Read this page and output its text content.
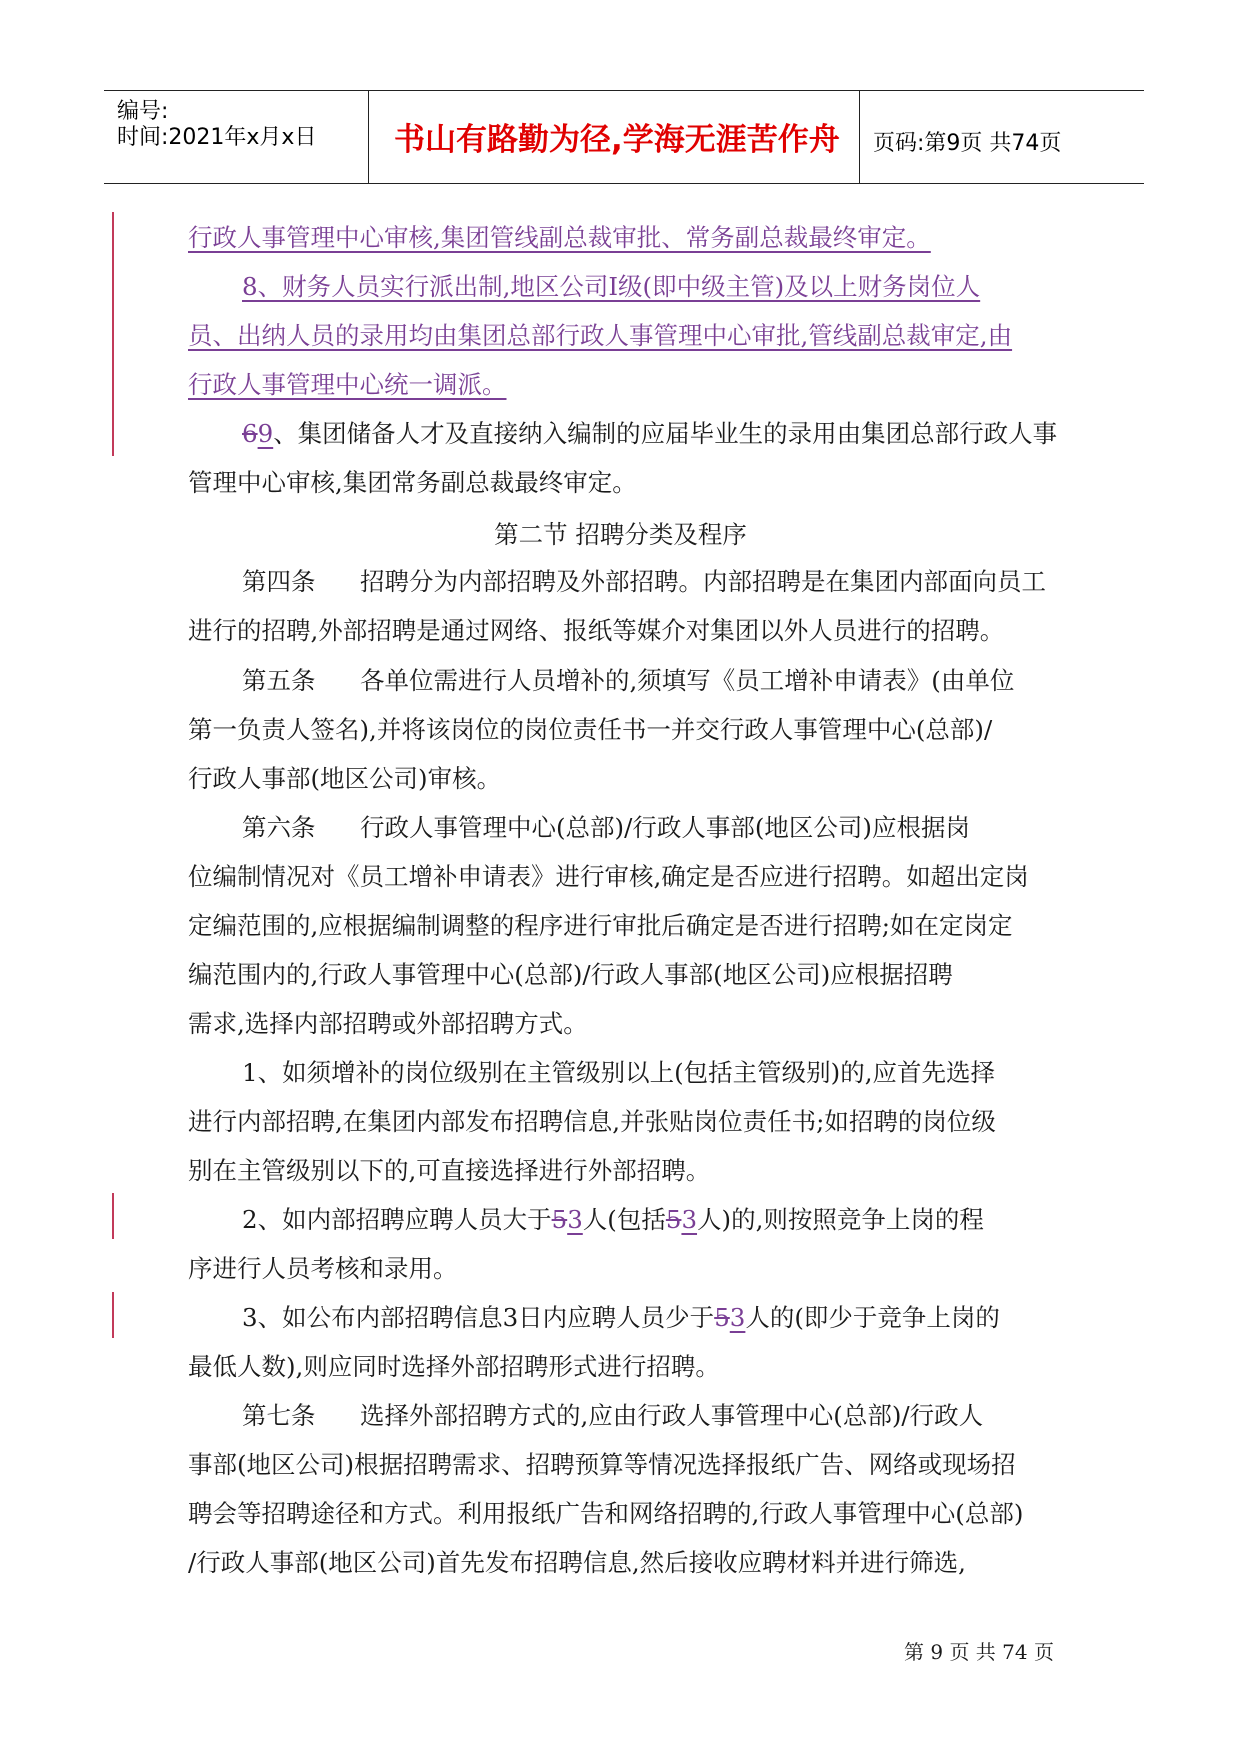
编号:
时间:2021年x月x日	书山有路勤为径,学海无涯苦作舟 页码:第9页 共74页
行政人事管理中心审核,集团管线副总裁审批、常务副总裁最终审定。
8、财务人员实行派出制,地区公司Ⅰ级(即中级主管)及以上财务岗位人
员、出纳人员的录用均由集团总部行政人事管理中心审批,管线副总裁审定,由
行政人事管理中心统一调派。
69、集团储备人才及直接纳入编制的应届毕业生的录用由集团总部行政人事
管理中心审核,集团常务副总裁最终审定。
第二节 招聘分类及程序
第四条 招聘分为内部招聘及外部招聘。内部招聘是在集团内部面向员工
进行的招聘,外部招聘是通过网络、报纸等媒介对集团以外人员进行的招聘。
第五条 各单位需进行人员增补的,须填写《员工增补申请表》(由单位
第一负责人签名),并将该岗位的岗位责任书一并交行政人事管理中心(总部)/
行政人事部(地区公司)审核。
第六条 行政人事管理中心(总部)/行政人事部(地区公司)应根据岗
位编制情况对《员工增补申请表》进行审核,确定是否应进行招聘。如超出定岗
定编范围的,应根据编制调整的程序进行审批后确定是否进行招聘;如在定岗定
编范围内的,行政人事管理中心(总部)/行政人事部(地区公司)应根据招聘
需求,选择内部招聘或外部招聘方式。
1、如须增补的岗位级别在主管级别以上(包括主管级别)的,应首先选择
进行内部招聘,在集团内部发布招聘信息,并张贴岗位责任书;如招聘的岗位级
别在主管级别以下的,可直接选择进行外部招聘。
2、如内部招聘应聘人员大于53人(包括53人)的,则按照竞争上岗的程
序进行人员考核和录用。
3、如公布内部招聘信息3日内应聘人员少于53人的(即少于竞争上岗的
最低人数),则应同时选择外部招聘形式进行招聘。
第七条 选择外部招聘方式的,应由行政人事管理中心(总部)/行政人
事部(地区公司)根据招聘需求、招聘预算等情况选择报纸广告、网络或现场招
聘会等招聘途径和方式。利用报纸广告和网络招聘的,行政人事管理中心(总部)
/行政人事部(地区公司)首先发布招聘信息,然后接收应聘材料并进行筛选,
第 9 页 共 74 页
